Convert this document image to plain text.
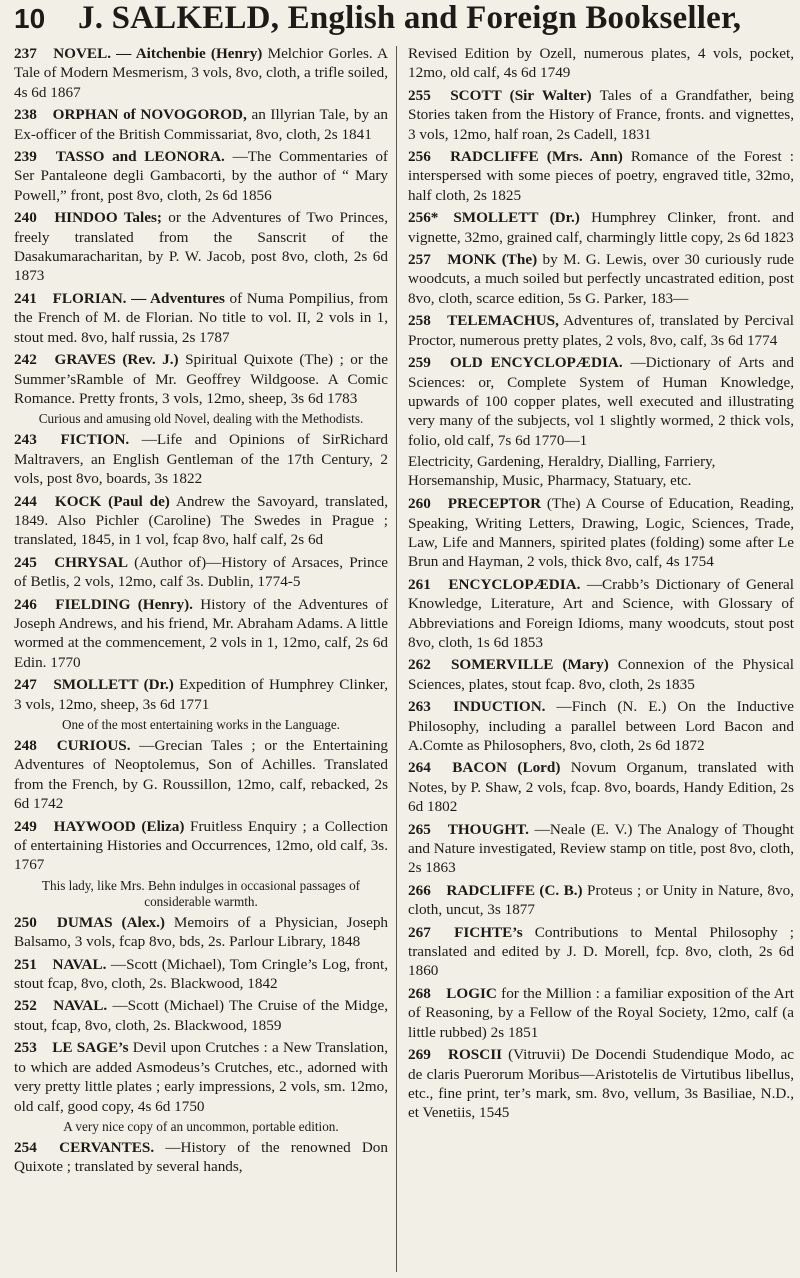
10 J. SALKELD, English and Foreign Bookseller,
237 NOVEL. — Aitchenbie (Henry) Melchior Gorles. A Tale of Modern Mesmerism, 3 vols, 8vo, cloth, a trifle soiled, 4s 6d 1867
238 ORPHAN of NOVOGOROD, an Illyrian Tale, by an Ex-officer of the British Commissariat, 8vo, cloth, 2s 1841
239 TASSO and LEONORA. —The Commentaries of Ser Pantaleone degli Gambacorti, by the author of “ Mary Powell,” front, post 8vo, cloth, 2s 6d 1856
240 HINDOO Tales; or the Adventures of Two Princes, freely translated from the Sanscrit of the Dasakumaracharitan, by P. W. Jacob, post 8vo, cloth, 2s 6d 1873
241 FLORIAN. — Adventures of Numa Pompilius, from the French of M. de Florian. No title to vol. II, 2 vols in 1, stout med. 8vo, half russia, 2s 1787
242 GRAVES (Rev. J.) Spiritual Quixote (The) ; or the Summer’sRamble of Mr. Geoffrey Wildgoose. A Comic Romance. Pretty fronts, 3 vols, 12mo, sheep, 3s 6d 1783
Curious and amusing old Novel, dealing with the Methodists.
243 FICTION. —Life and Opinions of SirRichard Maltravers, an English Gentleman of the 17th Century, 2 vols, post 8vo, boards, 3s 1822
244 KOCK (Paul de) Andrew the Savoyard, translated, 1849. Also Pichler (Caroline) The Swedes in Prague ; translated, 1845, in 1 vol, fcap 8vo, half calf, 2s 6d
245 CHRYSAL (Author of)—History of Arsaces, Prince of Betlis, 2 vols, 12mo, calf 3s. Dublin, 1774-5
246 FIELDING (Henry). History of the Adventures of Joseph Andrews, and his friend, Mr. Abraham Adams. A little wormed at the commencement, 2 vols in 1, 12mo, calf, 2s 6d Edin. 1770
247 SMOLLETT (Dr.) Expedition of Humphrey Clinker, 3 vols, 12mo, sheep, 3s 6d 1771
One of the most entertaining works in the Language.
248 CURIOUS. —Grecian Tales ; or the Entertaining Adventures of Neoptolemus, Son of Achilles. Translated from the French, by G. Roussillon, 12mo, calf, rebacked, 2s 6d 1742
249 HAYWOOD (Eliza) Fruitless Enquiry ; a Collection of entertaining Histories and Occurrences, 12mo, old calf, 3s. 1767
This lady, like Mrs. Behn indulges in occasional passages of considerable warmth.
250 DUMAS (Alex.) Memoirs of a Physician, Joseph Balsamo, 3 vols, fcap 8vo, bds, 2s. Parlour Library, 1848
251 NAVAL. —Scott (Michael), Tom Cringle’s Log, front, stout fcap, 8vo, cloth, 2s. Blackwood, 1842
252 NAVAL. —Scott (Michael) The Cruise of the Midge, stout, fcap, 8vo, cloth, 2s. Blackwood, 1859
253 LE SAGE’s Devil upon Crutches : a New Translation, to which are added Asmodeus’s Crutches, etc., adorned with very pretty little plates ; early impressions, 2 vols, sm. 12mo, old calf, good copy, 4s 6d 1750
A very nice copy of an uncommon, portable edition.
254 CERVANTES. —History of the renowned Don Quixote ; translated by several hands,
Revised Edition by Ozell, numerous plates, 4 vols, pocket, 12mo, old calf, 4s 6d 1749
255 SCOTT (Sir Walter) Tales of a Grandfather, being Stories taken from the History of France, fronts. and vignettes, 3 vols, 12mo, half roan, 2s Cadell, 1831
256 RADCLIFFE (Mrs. Ann) Romance of the Forest : interspersed with some pieces of poetry, engraved title, 32mo, half cloth, 2s 1825
256* SMOLLETT (Dr.) Humphrey Clinker, front. and vignette, 32mo, grained calf, charmingly little copy, 2s 6d 1823
257 MONK (The) by M. G. Lewis, over 30 curiously rude woodcuts, a much soiled but perfectly uncastrated edition, post 8vo, cloth, scarce edition, 5s G. Parker, 183—
258 TELEMACHUS, Adventures of, translated by Percival Proctor, numerous pretty plates, 2 vols, 8vo, calf, 3s 6d 1774
259 OLD ENCYCLOPÆDIA. —Dictionary of Arts and Sciences: or, Complete System of Human Knowledge, upwards of 100 copper plates, well executed and illustrating very many of the subjects, vol 1 slightly wormed, 2 thick vols, folio, old calf, 7s 6d 1770—1
Electricity, Gardening, Heraldry, Dialling, Farriery, Horsemanship, Music, Pharmacy, Statuary, etc.
260 PRECEPTOR (The) A Course of Education, Reading, Speaking, Writing Letters, Drawing, Logic, Sciences, Trade, Law, Life and Manners, spirited plates (folding) some after Le Brun and Hayman, 2 vols, thick 8vo, calf, 4s 1754
261 ENCYCLOPÆDIA. —Crabb’s Dictionary of General Knowledge, Literature, Art and Science, with Glossary of Abbreviations and Foreign Idioms, many woodcuts, stout post 8vo, cloth, 1s 6d 1853
262 SOMERVILLE (Mary) Connexion of the Physical Sciences, plates, stout fcap. 8vo, cloth, 2s 1835
263 INDUCTION. —Finch (N. E.) On the Inductive Philosophy, including a parallel between Lord Bacon and A.Comte as Philosophers, 8vo, cloth, 2s 6d 1872
264 BACON (Lord) Novum Organum, translated with Notes, by P. Shaw, 2 vols, fcap. 8vo, boards, Handy Edition, 2s 6d 1802
265 THOUGHT. —Neale (E. V.) The Analogy of Thought and Nature investigated, Review stamp on title, post 8vo, cloth, 2s 1863
266 RADCLIFFE (C. B.) Proteus ; or Unity in Nature, 8vo, cloth, uncut, 3s 1877
267 FICHTE’s Contributions to Mental Philosophy ; translated and edited by J. D. Morell, fcp. 8vo, cloth, 2s 6d 1860
268 LOGIC for the Million : a familiar exposition of the Art of Reasoning, by a Fellow of the Royal Society, 12mo, calf (a little rubbed) 2s 1851
269 ROSCII (Vitruvii) De Docendi Studendique Modo, ac de claris Puerorum Moribus—Aristotelis de Virtutibus libellus, etc., fine print, ter’s mark, sm. 8vo, vellum, 3s Basiliae, N.D., et Venetiis, 1545
